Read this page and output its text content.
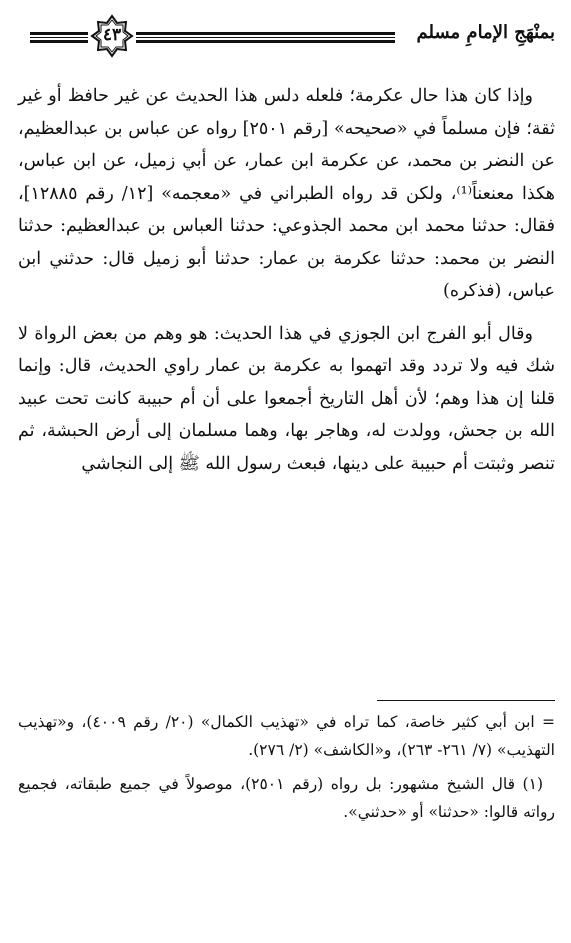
بمنْهَجِ الإمامِ مسلم
٤٣

وإذا كان هذا حال عكرمة؛ فلعله دلس هذا الحديث عن غير حافظ أو غير ثقة؛ فإن مسلماً في «صحيحه» [رقم ٢٥٠١] رواه عن عباس بن عبدالعظيم، عن النضر بن محمد، عن عكرمة ابن عمار، عن أبي زميل، عن ابن عباس، هكذا معنعناً⁽¹⁾، ولكن قد رواه الطبراني في «معجمه» [١٢/ رقم ١٢٨٨٥]، فقال: حدثنا محمد ابن محمد الجذوعي: حدثنا العباس بن عبدالعظيم: حدثنا النضر بن محمد: حدثنا عكرمة بن عمار: حدثنا أبو زميل قال: حدثني ابن عباس، (فذكره)

وقال أبو الفرج ابن الجوزي في هذا الحديث: هو وهم من بعض الرواة لا شك فيه ولا تردد وقد اتهموا به عكرمة بن عمار راوي الحديث، قال: وإنما قلنا إن هذا وهم؛ لأن أهل التاريخ أجمعوا على أن أم حبيبة كانت تحت عبيد الله بن جحش، وولدت له، وهاجر بها، وهما مسلمان إلى أرض الحبشة، ثم تنصر وثبتت أم حبيبة على دينها، فبعث رسول الله ﷺ إلى النجاشي

= ابن أبي كثير خاصة، كما تراه في «تهذيب الكمال» (٢٠/ رقم ٤٠٠٩)، و«تهذيب التهذيب» (٧/ ٢٦١- ٢٦٣)، و«الكاشف» (٢/ ٢٧٦).

(١) قال الشيخ مشهور: بل رواه (رقم ٢٥٠١)، موصولاً في جميع طبقاته، فجميع رواته قالوا: «حدثنا» أو «حدثني».
